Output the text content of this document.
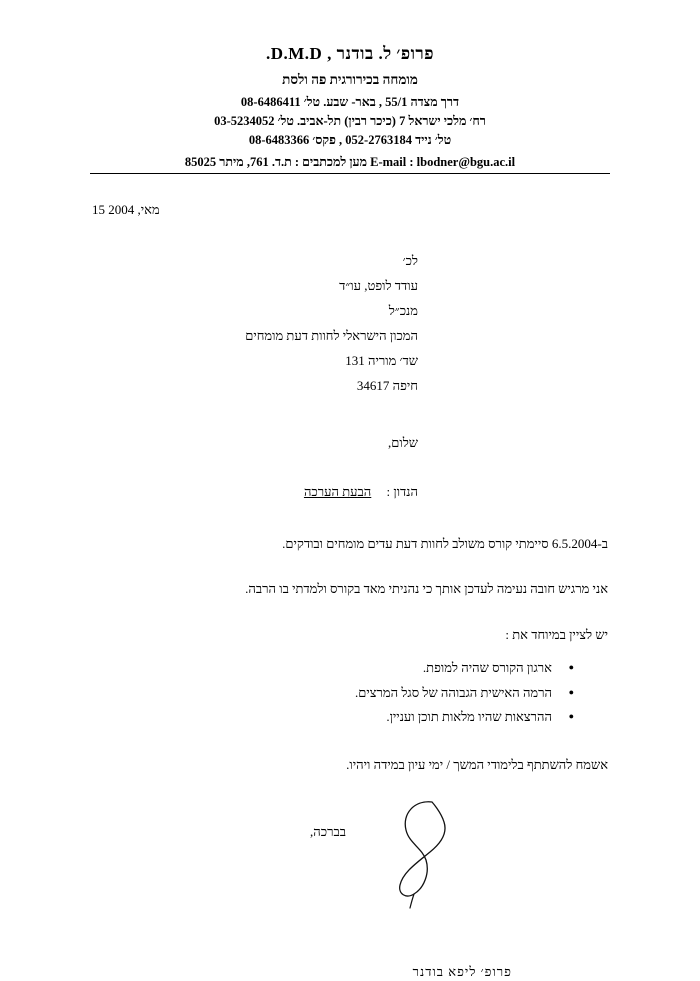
פרופ׳ ל. בודנר , D.M.D.
מומחה בכירורגית פה ולסת
דרך מצדה 55/1 , באר- שבע. טל׳ 08-6486411
רח׳ מלכי ישראל 7 (כיכר רבין) תל-אביב. טל׳ 03-5234052
טל׳ נייד 052-2763184 , פקס׳ 08-6483366
E-mail : lbodner@bgu.ac.il מען למכתבים : ת.ד. 761, מיתר 85025
15 מאי, 2004
לכ׳
עודד לופט, עו״ד
מנכ״ל
המכון הישראלי לחוות דעת מומחים
שד׳ מוריה 131
חיפה 34617
שלום,
הנדון : הבעת הערכה
ב-6.5.2004 סיימתי קורס משולב לחוות דעת עדים מומחים ובודקים.
אני מרגיש חובה נעימה לעדכן אותך כי נהניתי מאד בקורס ולמדתי בו הרבה.
יש לציין במיוחד את :
● ארגון הקורס שהיה למופת.
● הרמה האישית הגבוהה של סגל המרצים.
● ההרצאות שהיו מלאות תוכן ועניין.
אשמח להשתתף בלימודי המשך / ימי עיון במידה ויהיו.
בברכה,
פרופ׳ ליפא בודנר
